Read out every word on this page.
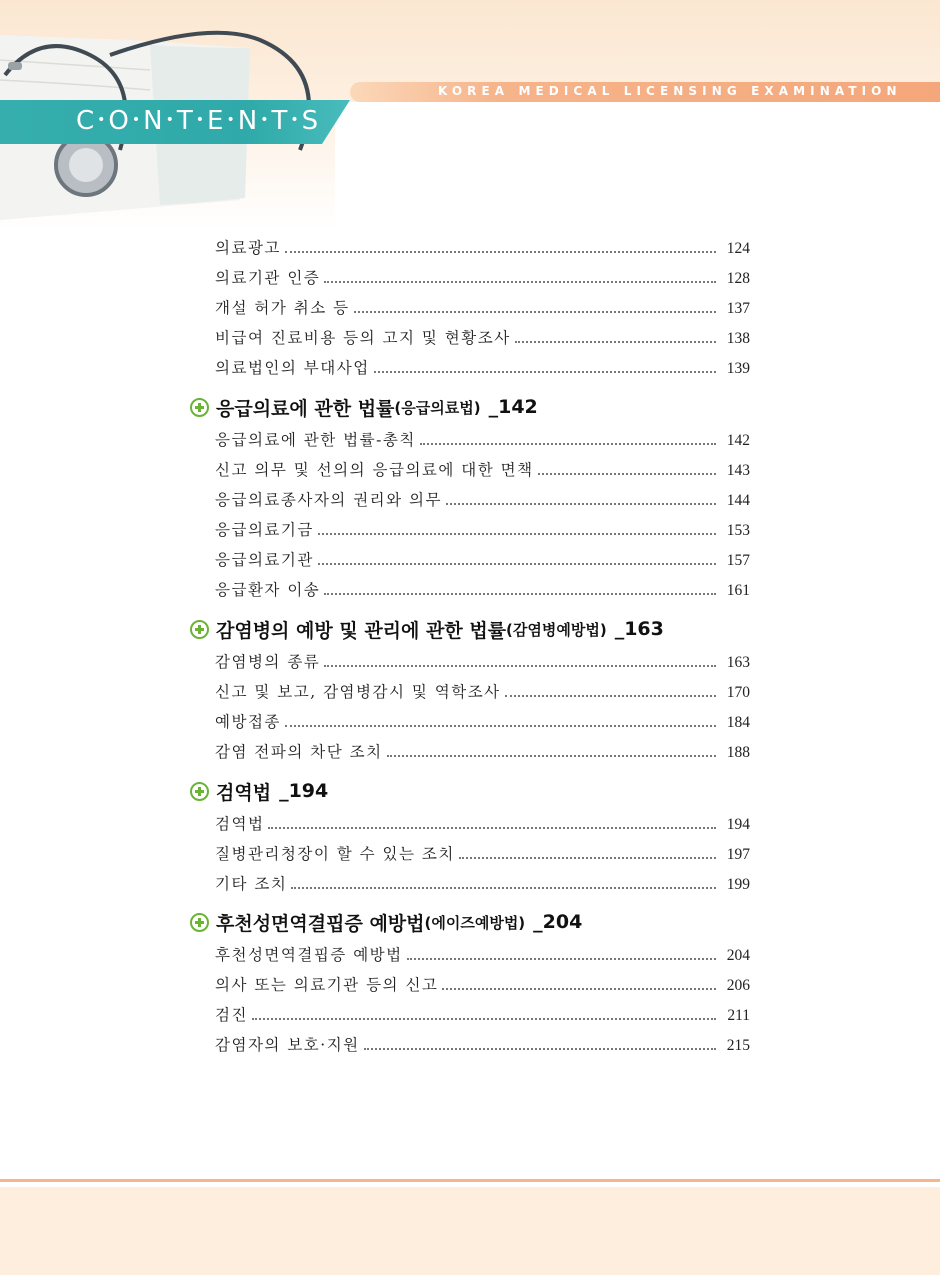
KOREA MEDICAL LICENSING EXAMINATION
C •O •N •T •E •N •T •S
의료광고	124
의료기관 인증	128
개설 허가 취소 등	137
비급여 진료비용 등의 고지 및 현황조사	138
의료법인의 부대사업	139
응급의료에 관한 법률 (응급의료법) _142
응급의료에 관한 법률-총칙	142
신고 의무 및 선의의 응급의료에 대한 면책	143
응급의료종사자의 권리와 의무	144
응급의료기금	153
응급의료기관	157
응급환자 이송	161
감염병의 예방 및 관리에 관한 법률 (감염병예방법) _163
감염병의 종류	163
신고 및 보고, 감염병감시 및 역학조사	170
예방접종	184
감염 전파의 차단 조치	188
검역법 _194
검역법	194
질병관리청장이 할 수 있는 조치	197
기타 조치	199
후천성면역결핍증 예방법 (에이즈예방법) _204
후천성면역결핍증 예방법	204
의사 또는 의료기관 등의 신고	206
검진	211
감염자의 보호·지원	215
